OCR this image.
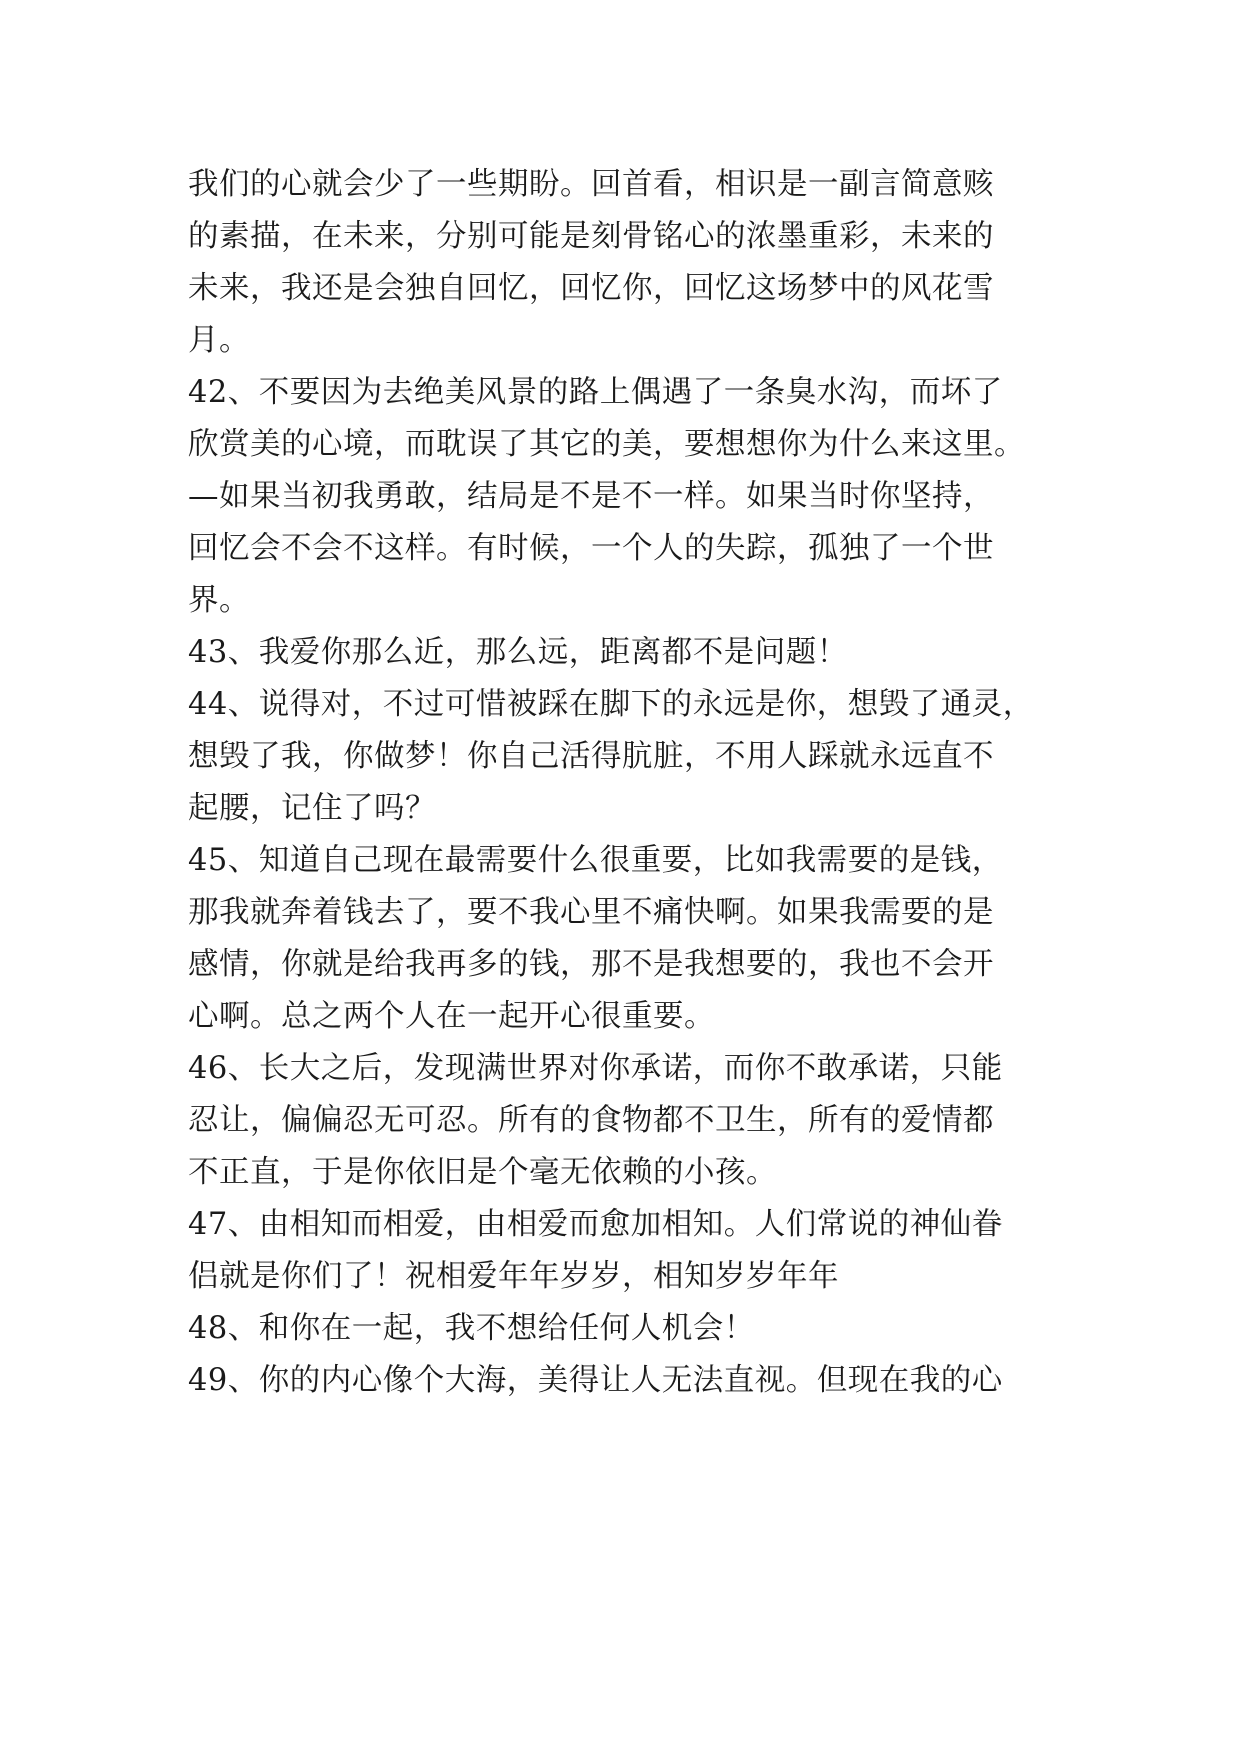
我们的心就会少了一些期盼。回首看，相识是一副言简意赅
的素描，在未来，分别可能是刻骨铭心的浓墨重彩，未来的
未来，我还是会独自回忆，回忆你，回忆这场梦中的风花雪
月。
42、不要因为去绝美风景的路上偶遇了一条臭水沟，而坏了
欣赏美的心境，而耽误了其它的美，要想想你为什么来这里。
—如果当初我勇敢，结局是不是不一样。如果当时你坚持，
回忆会不会不这样。有时候，一个人的失踪，孤独了一个世
界。
43、我爱你那么近，那么远，距离都不是问题！
44、说得对，不过可惜被踩在脚下的永远是你，想毁了通灵，
想毁了我，你做梦！你自己活得肮脏，不用人踩就永远直不
起腰，记住了吗？
45、知道自己现在最需要什么很重要，比如我需要的是钱，
那我就奔着钱去了，要不我心里不痛快啊。如果我需要的是
感情，你就是给我再多的钱，那不是我想要的，我也不会开
心啊。总之两个人在一起开心很重要。
46、长大之后，发现满世界对你承诺，而你不敢承诺，只能
忍让，偏偏忍无可忍。所有的食物都不卫生，所有的爱情都
不正直，于是你依旧是个毫无依赖的小孩。
47、由相知而相爱，由相爱而愈加相知。人们常说的神仙眷
侣就是你们了！祝相爱年年岁岁，相知岁岁年年
48、和你在一起，我不想给任何人机会！
49、你的内心像个大海，美得让人无法直视。但现在我的心
